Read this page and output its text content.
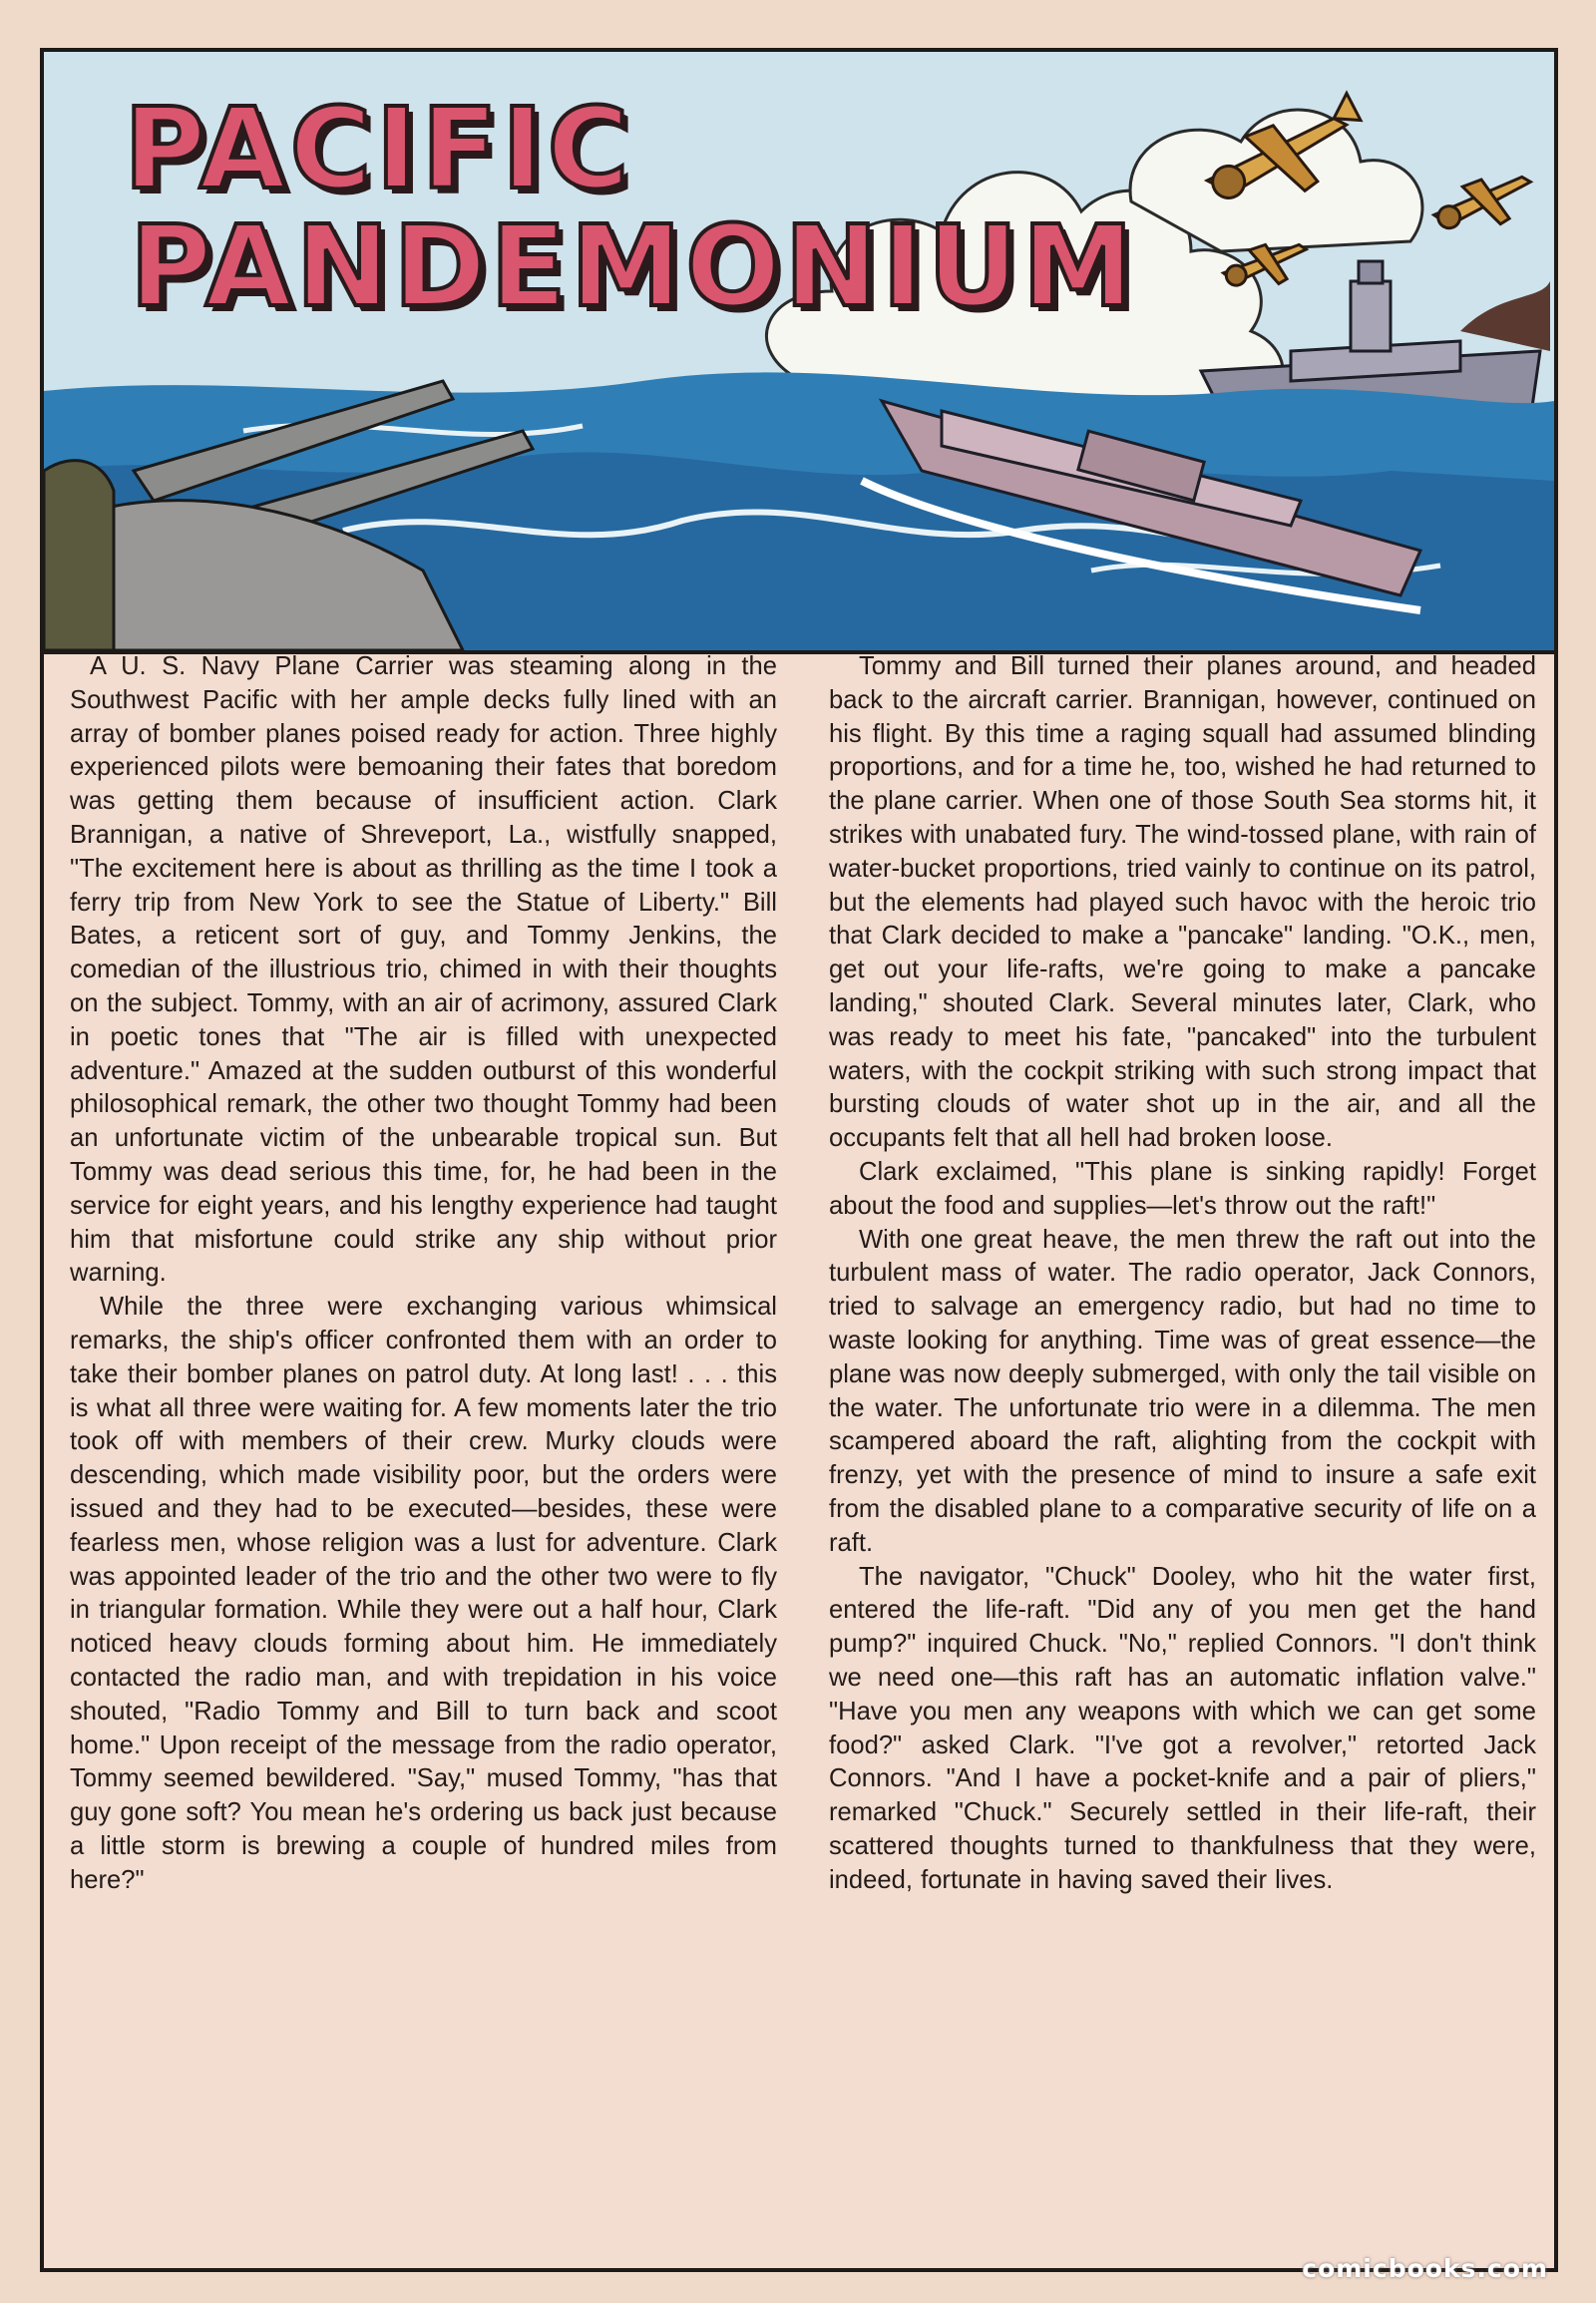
PACIFIC
PANDEMONIUM

A U. S. Navy Plane Carrier was steaming along in the Southwest Pacific with her ample decks fully lined with an array of bomber planes poised ready for action. Three highly experienced pilots were bemoaning their fates that boredom was getting them because of insufficient action. Clark Brannigan, a native of Shreveport, La., wistfully snapped, "The excitement here is about as thrilling as the time I took a ferry trip from New York to see the Statue of Liberty." Bill Bates, a reticent sort of guy, and Tommy Jenkins, the comedian of the illustrious trio, chimed in with their thoughts on the subject. Tommy, with an air of acrimony, assured Clark in poetic tones that "The air is filled with unexpected adventure." Amazed at the sudden outburst of this wonderful philosophical remark, the other two thought Tommy had been an unfortunate victim of the unbearable tropical sun. But Tommy was dead serious this time, for, he had been in the service for eight years, and his lengthy experience had taught him that misfortune could strike any ship without prior warning.

While the three were exchanging various whimsical remarks, the ship's officer confronted them with an order to take their bomber planes on patrol duty. At long last! . . . this is what all three were waiting for. A few moments later the trio took off with members of their crew. Murky clouds were descending, which made visibility poor, but the orders were issued and they had to be executed—besides, these were fearless men, whose religion was a lust for adventure. Clark was appointed leader of the trio and the other two were to fly in triangular formation. While they were out a half hour, Clark noticed heavy clouds forming about him. He immediately contacted the radio man, and with trepidation in his voice shouted, "Radio Tommy and Bill to turn back and scoot home." Upon receipt of the message from the radio operator, Tommy seemed bewildered. "Say," mused Tommy, "has that guy gone soft? You mean he's ordering us back just because a little storm is brewing a couple of hundred miles from here?"

Tommy and Bill turned their planes around, and headed back to the aircraft carrier. Brannigan, however, continued on his flight. By this time a raging squall had assumed blinding proportions, and for a time he, too, wished he had returned to the plane carrier. When one of those South Sea storms hit, it strikes with unabated fury. The wind-tossed plane, with rain of water-bucket proportions, tried vainly to continue on its patrol, but the elements had played such havoc with the heroic trio that Clark decided to make a "pancake" landing. "O.K., men, get out your life-rafts, we're going to make a pancake landing," shouted Clark. Several minutes later, Clark, who was ready to meet his fate, "pancaked" into the turbulent waters, with the cockpit striking with such strong impact that bursting clouds of water shot up in the air, and all the occupants felt that all hell had broken loose.

Clark exclaimed, "This plane is sinking rapidly! Forget about the food and supplies—let's throw out the raft!"

With one great heave, the men threw the raft out into the turbulent mass of water. The radio operator, Jack Connors, tried to salvage an emergency radio, but had no time to waste looking for anything. Time was of great essence—the plane was now deeply submerged, with only the tail visible on the water. The unfortunate trio were in a dilemma. The men scampered aboard the raft, alighting from the cockpit with frenzy, yet with the presence of mind to insure a safe exit from the disabled plane to a comparative security of life on a raft.

The navigator, "Chuck" Dooley, who hit the water first, entered the life-raft. "Did any of you men get the hand pump?" inquired Chuck. "No," replied Connors. "I don't think we need one—this raft has an automatic inflation valve." "Have you men any weapons with which we can get some food?" asked Clark. "I've got a revolver," retorted Jack Connors. "And I have a pocket-knife and a pair of pliers," remarked "Chuck." Securely settled in their life-raft, their scattered thoughts turned to thankfulness that they were, indeed, fortunate in having saved their lives.

comicbooks.com
